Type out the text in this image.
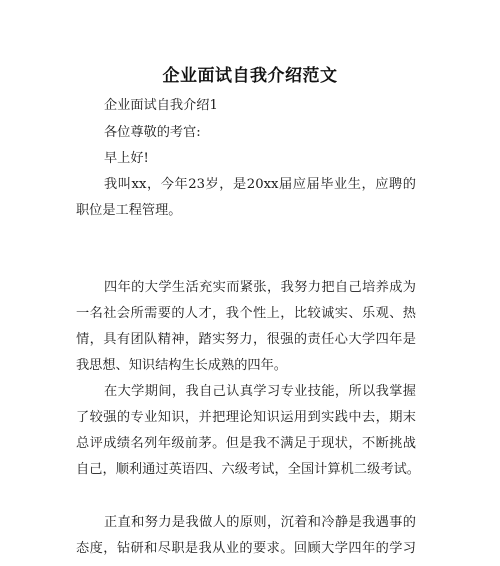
企业面试自我介绍范文
企业面试自我介绍1
各位尊敬的考官:
早上好!
我叫xx，今年23岁，是20xx届应届毕业生，应聘的
职位是工程管理。
四年的大学生活充实而紧张，我努力把自己培养成为
一名社会所需要的人才，我个性上，比较诚实、乐观、热
情，具有团队精神，踏实努力，很强的责任心大学四年是
我思想、知识结构生长成熟的四年。
在大学期间，我自己认真学习专业技能，所以我掌握
了较强的专业知识，并把理论知识运用到实践中去，期末
总评成绩名列年级前茅。但是我不满足于现状，不断挑战
自己，顺利通过英语四、六级考试，全国计算机二级考试。
正直和努力是我做人的原则，沉着和冷静是我遇事的
态度，钻研和尽职是我从业的要求。回顾大学四年的学习
